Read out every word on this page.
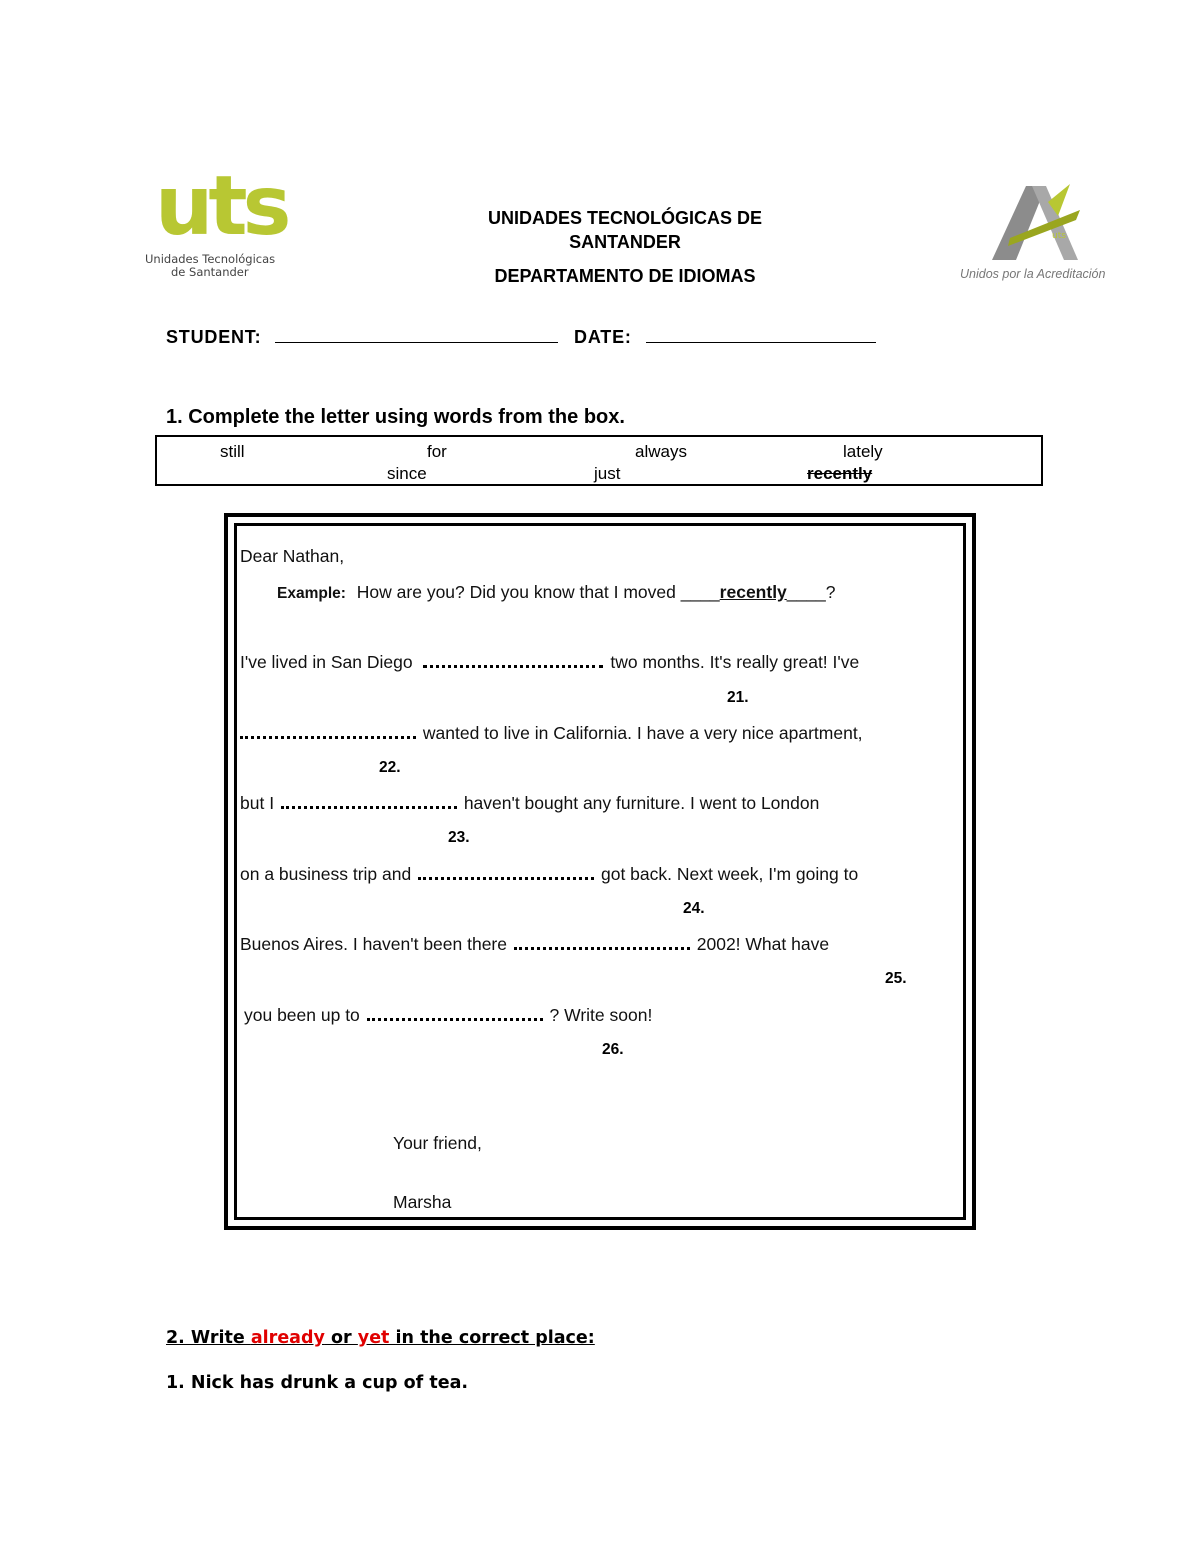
uts
Unidades Tecnológicas
de Santander
UNIDADES TECNOLÓGICAS DE
SANTANDER
DEPARTAMENTO DE IDIOMAS
uts
Unidos por la Acreditación
STUDENT:	DATE:
1. Complete the letter using words from the box.
still	for	always	lately
since	just	recently
Dear Nathan,
Example: How are you? Did you know that I moved ____recently____?
I've lived in San Diego	two months. It's really great! I've
21.
wanted to live in California. I have a very nice apartment,
22.
but I	haven't bought any furniture. I went to London
23.
on a business trip and	got back. Next week, I'm going to
24.
Buenos Aires. I haven't been there	2002! What have
25.
you been up to	? Write soon!
26.
Your friend,
Marsha
2. Write already or yet in the correct place:
1. Nick has drunk a cup of tea.
